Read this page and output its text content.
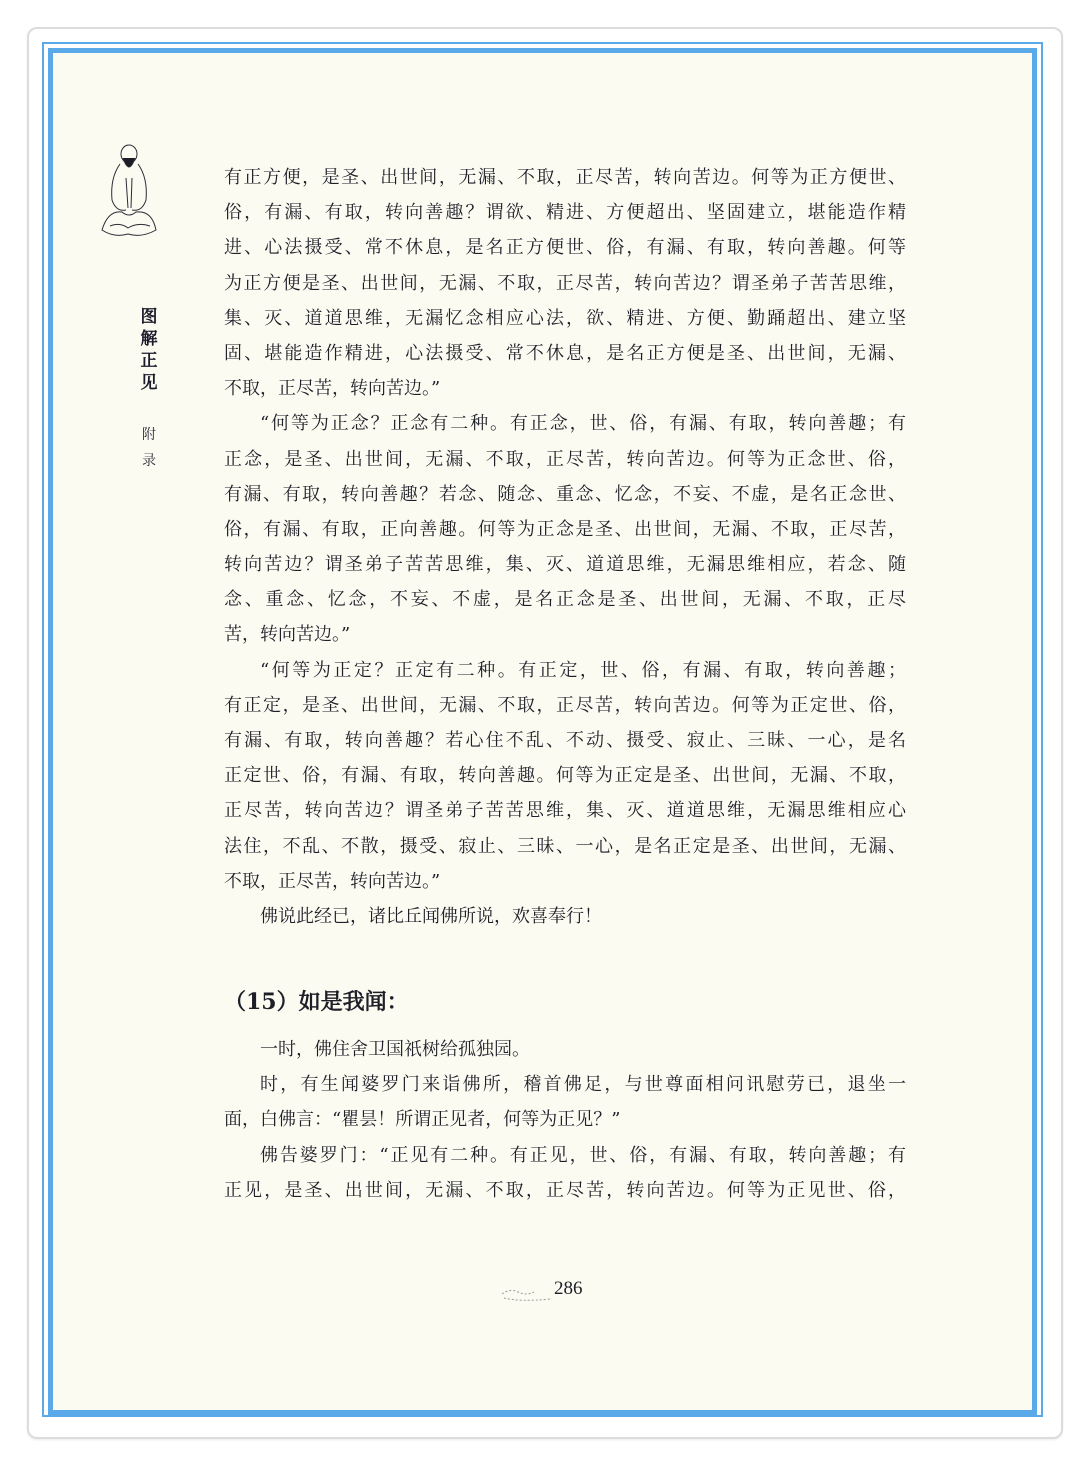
图
解
正
见
附
录
有正方便，是圣、出世间，无漏、不取，正尽苦，转向苦边。何等为正方便世、
俗，有漏、有取，转向善趣？谓欲、精进、方便超出、坚固建立，堪能造作精
进、心法摄受、常不休息，是名正方便世、俗，有漏、有取，转向善趣。何等
为正方便是圣、出世间，无漏、不取，正尽苦，转向苦边？谓圣弟子苦苦思维，
集、灭、道道思维，无漏忆念相应心法，欲、精进、方便、勤踊超出、建立坚
固、堪能造作精进，心法摄受、常不休息，是名正方便是圣、出世间，无漏、
不取，正尽苦，转向苦边。”
“何等为正念？正念有二种。有正念，世、俗，有漏、有取，转向善趣；有
正念，是圣、出世间，无漏、不取，正尽苦，转向苦边。何等为正念世、俗，
有漏、有取，转向善趣？若念、随念、重念、忆念，不妄、不虚，是名正念世、
俗，有漏、有取，正向善趣。何等为正念是圣、出世间，无漏、不取，正尽苦，
转向苦边？谓圣弟子苦苦思维，集、灭、道道思维，无漏思维相应，若念、随
念、重念、忆念，不妄、不虚，是名正念是圣、出世间，无漏、不取，正尽
苦，转向苦边。”
“何等为正定？正定有二种。有正定，世、俗，有漏、有取，转向善趣；
有正定，是圣、出世间，无漏、不取，正尽苦，转向苦边。何等为正定世、俗，
有漏、有取，转向善趣？若心住不乱、不动、摄受、寂止、三昧、一心，是名
正定世、俗，有漏、有取，转向善趣。何等为正定是圣、出世间，无漏、不取，
正尽苦，转向苦边？谓圣弟子苦苦思维，集、灭、道道思维，无漏思维相应心
法住，不乱、不散，摄受、寂止、三昧、一心，是名正定是圣、出世间，无漏、
不取，正尽苦，转向苦边。”
佛说此经已，诸比丘闻佛所说，欢喜奉行！
（15）如是我闻：
一时，佛住舍卫国祇树给孤独园。
时，有生闻婆罗门来诣佛所，稽首佛足，与世尊面相问讯慰劳已，退坐一
面，白佛言：“瞿昙！所谓正见者，何等为正见？”
佛告婆罗门：“正见有二种。有正见，世、俗，有漏、有取，转向善趣；有
正见，是圣、出世间，无漏、不取，正尽苦，转向苦边。何等为正见世、俗，
286
